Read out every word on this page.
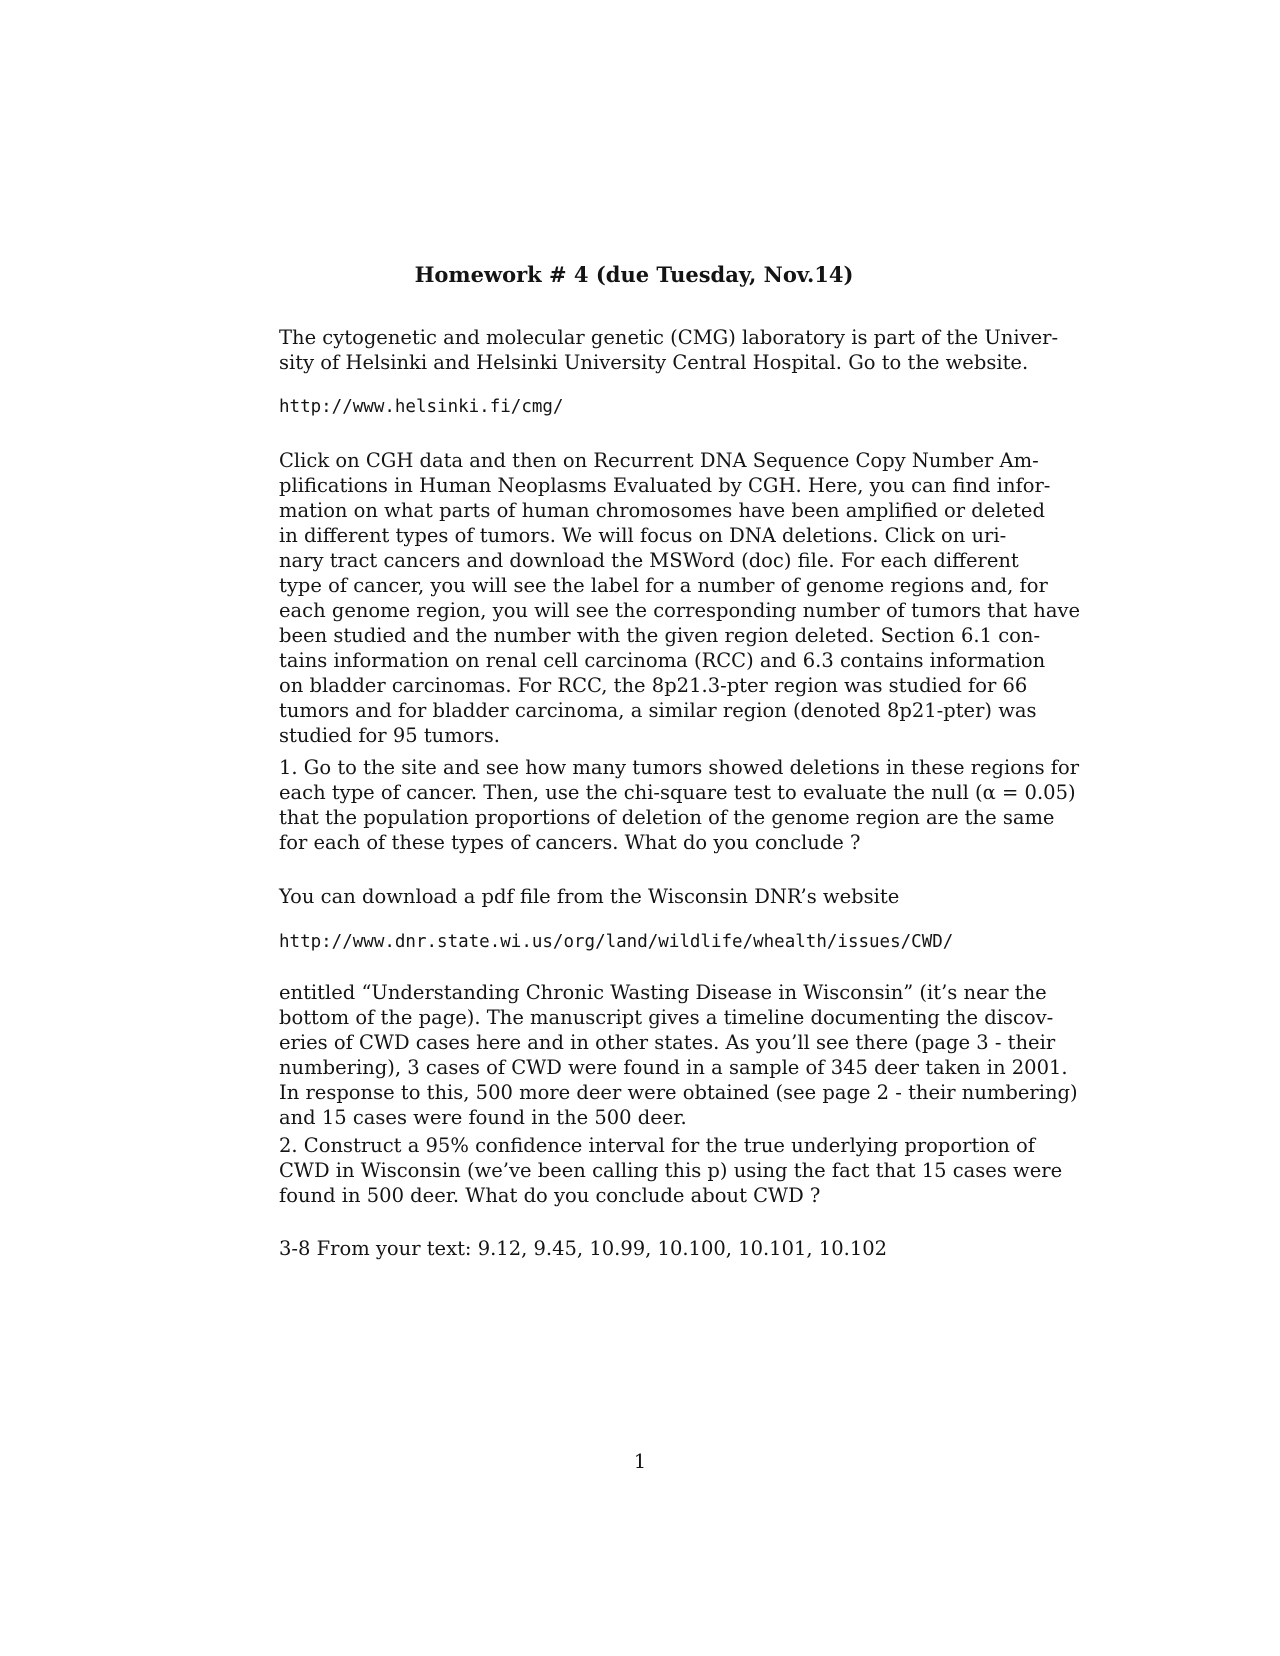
Homework # 4 (due Tuesday, Nov.14)
The cytogenetic and molecular genetic (CMG) laboratory is part of the Univer-
sity of Helsinki and Helsinki University Central Hospital. Go to the website.
http://www.helsinki.fi/cmg/
Click on CGH data and then on Recurrent DNA Sequence Copy Number Am-
plifications in Human Neoplasms Evaluated by CGH. Here, you can find infor-
mation on what parts of human chromosomes have been amplified or deleted
in different types of tumors. We will focus on DNA deletions. Click on uri-
nary tract cancers and download the MSWord (doc) file. For each different
type of cancer, you will see the label for a number of genome regions and, for
each genome region, you will see the corresponding number of tumors that have
been studied and the number with the given region deleted. Section 6.1 con-
tains information on renal cell carcinoma (RCC) and 6.3 contains information
on bladder carcinomas. For RCC, the 8p21.3-pter region was studied for 66
tumors and for bladder carcinoma, a similar region (denoted 8p21-pter) was
studied for 95 tumors.
1. Go to the site and see how many tumors showed deletions in these regions for
each type of cancer. Then, use the chi-square test to evaluate the null (α = 0.05)
that the population proportions of deletion of the genome region are the same
for each of these types of cancers. What do you conclude ?
You can download a pdf file from the Wisconsin DNR’s website
http://www.dnr.state.wi.us/org/land/wildlife/whealth/issues/CWD/
entitled “Understanding Chronic Wasting Disease in Wisconsin” (it’s near the
bottom of the page). The manuscript gives a timeline documenting the discov-
eries of CWD cases here and in other states. As you’ll see there (page 3 - their
numbering), 3 cases of CWD were found in a sample of 345 deer taken in 2001.
In response to this, 500 more deer were obtained (see page 2 - their numbering)
and 15 cases were found in the 500 deer.
2. Construct a 95% confidence interval for the true underlying proportion of
CWD in Wisconsin (we’ve been calling this p) using the fact that 15 cases were
found in 500 deer. What do you conclude about CWD ?
3-8 From your text: 9.12, 9.45, 10.99, 10.100, 10.101, 10.102
1
